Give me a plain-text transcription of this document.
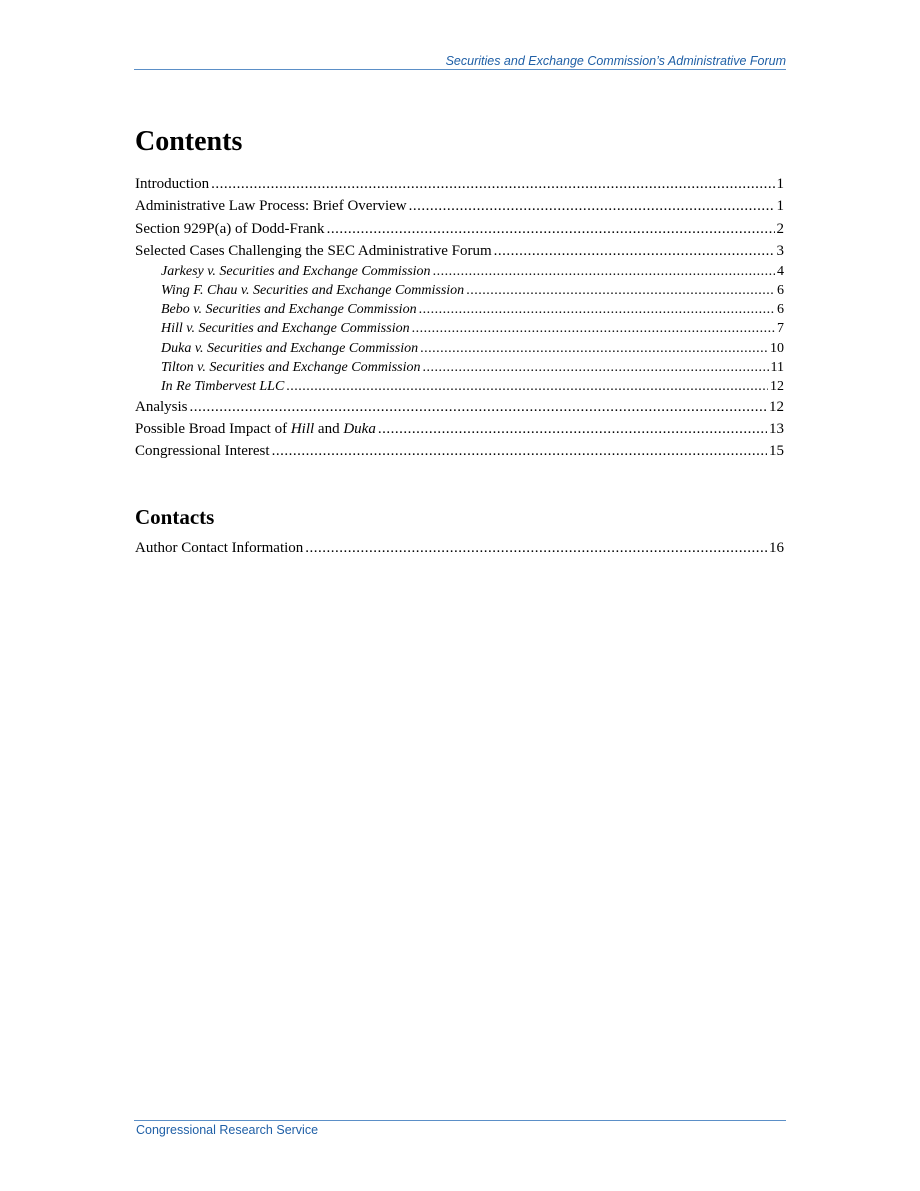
Securities and Exchange Commission’s Administrative Forum
Contents
Introduction .....	1
Administrative Law Process: Brief Overview .....	1
Section 929P(a) of Dodd-Frank .....	2
Selected Cases Challenging the SEC Administrative Forum .....	3
Jarkesy v. Securities and Exchange Commission .....	4
Wing F. Chau v. Securities and Exchange Commission .....	6
Bebo v. Securities and Exchange Commission .....	6
Hill v. Securities and Exchange Commission .....	7
Duka v. Securities and Exchange Commission .....	10
Tilton v. Securities and Exchange Commission .....	11
In Re Timbervest LLC .....	12
Analysis .....	12
Possible Broad Impact of Hill and Duka .....	13
Congressional Interest .....	15
Contacts
Author Contact Information .....	16
Congressional Research Service
